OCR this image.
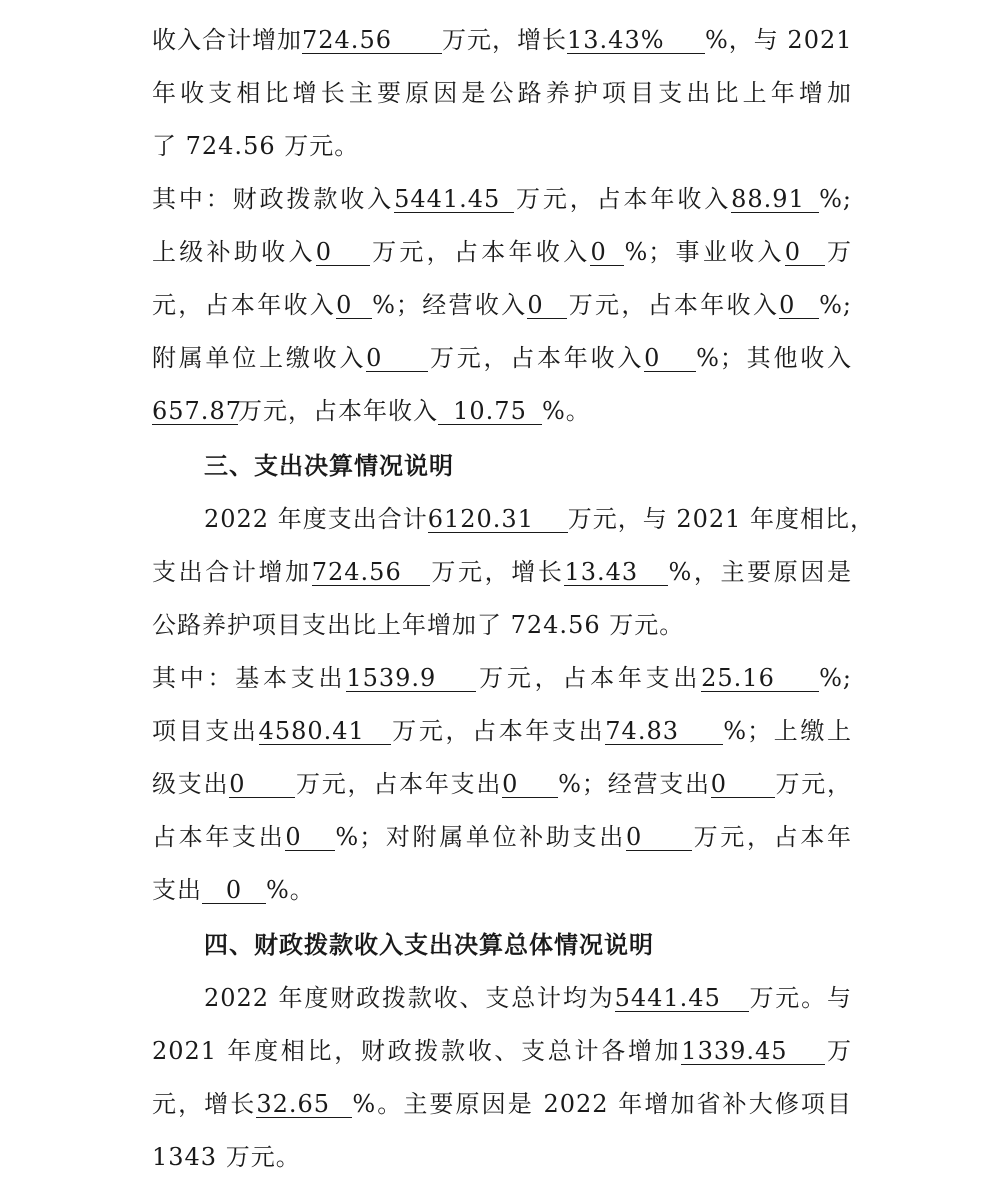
收入合计增加724.56 万元，增长13.43% %，与 2021
年收支相比增长主要原因是公路养护项目支出比上年增加
了 724.56 万元。
其中：财政拨款收入5441.45 万元，占本年收入88.91 %;
上级补助收入0 万元，占本年收入0 %；事业收入0 万
元，占本年收入0 %；经营收入0 万元，占本年收入0 %;
附属单位上缴收入0 万元，占本年收入0 %；其他收入
657.87万元，占本年收入 10.75 %。
三、支出决算情况说明
2022 年度支出合计6120.31 万元，与 2021 年度相比，
支出合计增加724.56 万元，增长13.43 %，主要原因是
公路养护项目支出比上年增加了 724.56 万元。
其中：基本支出1539.9 万元，占本年支出25.16 %;
项目支出4580.41 万元，占本年支出74.83 %；上缴上
级支出0 万元，占本年支出0 %；经营支出0 万元，
占本年支出0 %；对附属单位补助支出0 万元，占本年
支出 0 %。
四、财政拨款收入支出决算总体情况说明
2022 年度财政拨款收、支总计均为5441.45 万元。与
2021 年度相比，财政拨款收、支总计各增加1339.45 万
元，增长32.65 %。主要原因是 2022 年增加省补大修项目
1343 万元。
